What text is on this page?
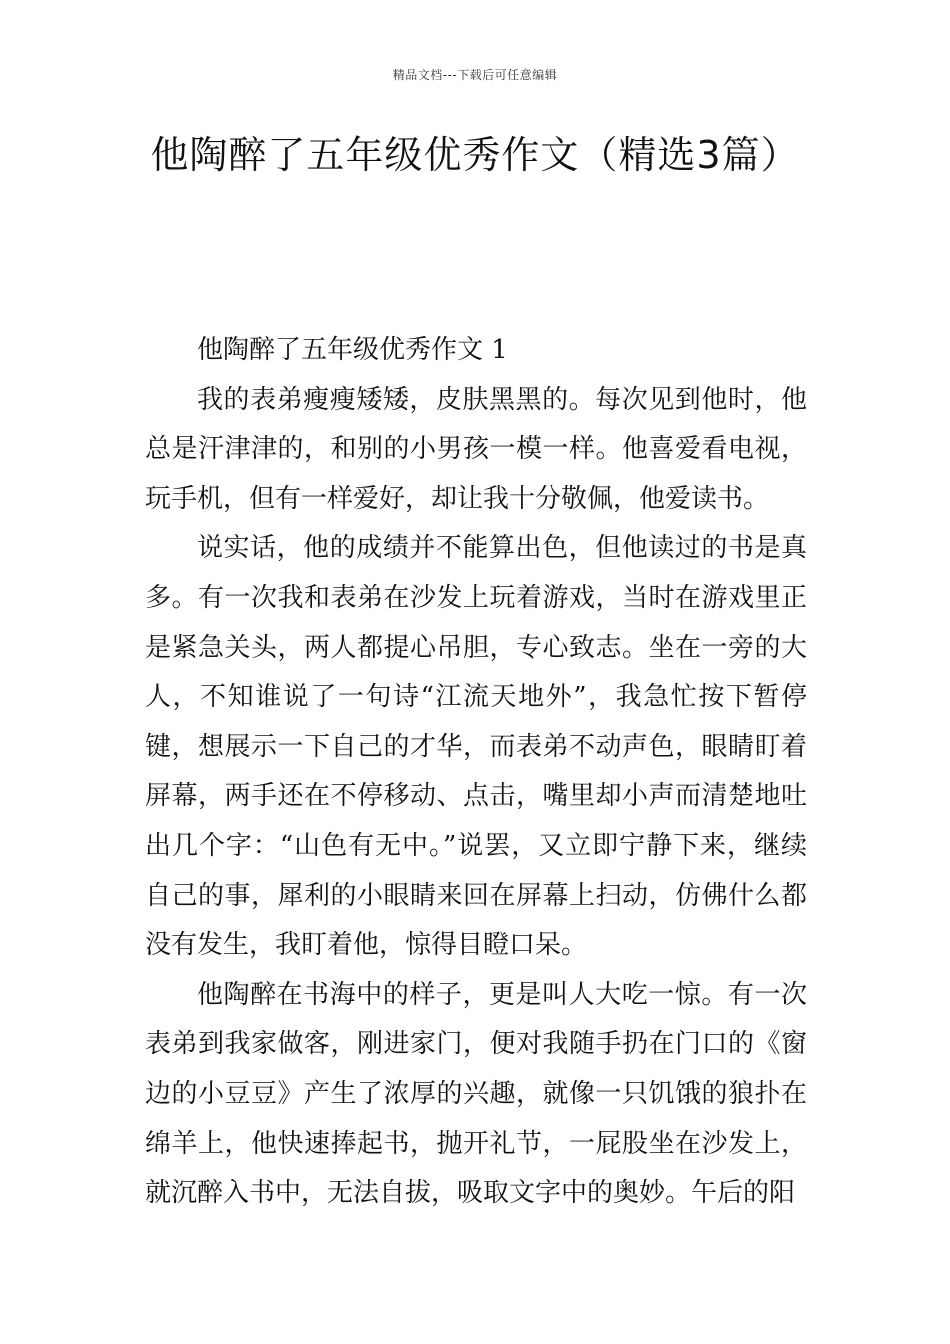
精品文档---下载后可任意编辑
他陶醉了五年级优秀作文（精选3篇）

他陶醉了五年级优秀作文 1

我的表弟瘦瘦矮矮，皮肤黑黑的。每次见到他时，他总是汗津津的，和别的小男孩一模一样。他喜爱看电视，玩手机，但有一样爱好，却让我十分敬佩，他爱读书。

说实话，他的成绩并不能算出色，但他读过的书是真多。有一次我和表弟在沙发上玩着游戏，当时在游戏里正是紧急关头，两人都提心吊胆，专心致志。坐在一旁的大人，不知谁说了一句诗“江流天地外”，我急忙按下暂停键，想展示一下自己的才华，而表弟不动声色，眼睛盯着屏幕，两手还在不停移动、点击，嘴里却小声而清楚地吐出几个字：“山色有无中。”说罢，又立即宁静下来，继续自己的事，犀利的小眼睛来回在屏幕上扫动，仿佛什么都没有发生，我盯着他，惊得目瞪口呆。

他陶醉在书海中的样子，更是叫人大吃一惊。有一次表弟到我家做客，刚进家门，便对我随手扔在门口的《窗边的小豆豆》产生了浓厚的兴趣，就像一只饥饿的狼扑在绵羊上，他快速捧起书，抛开礼节，一屁股坐在沙发上，就沉醉入书中，无法自拔，吸取文字中的奥妙。午后的阳
